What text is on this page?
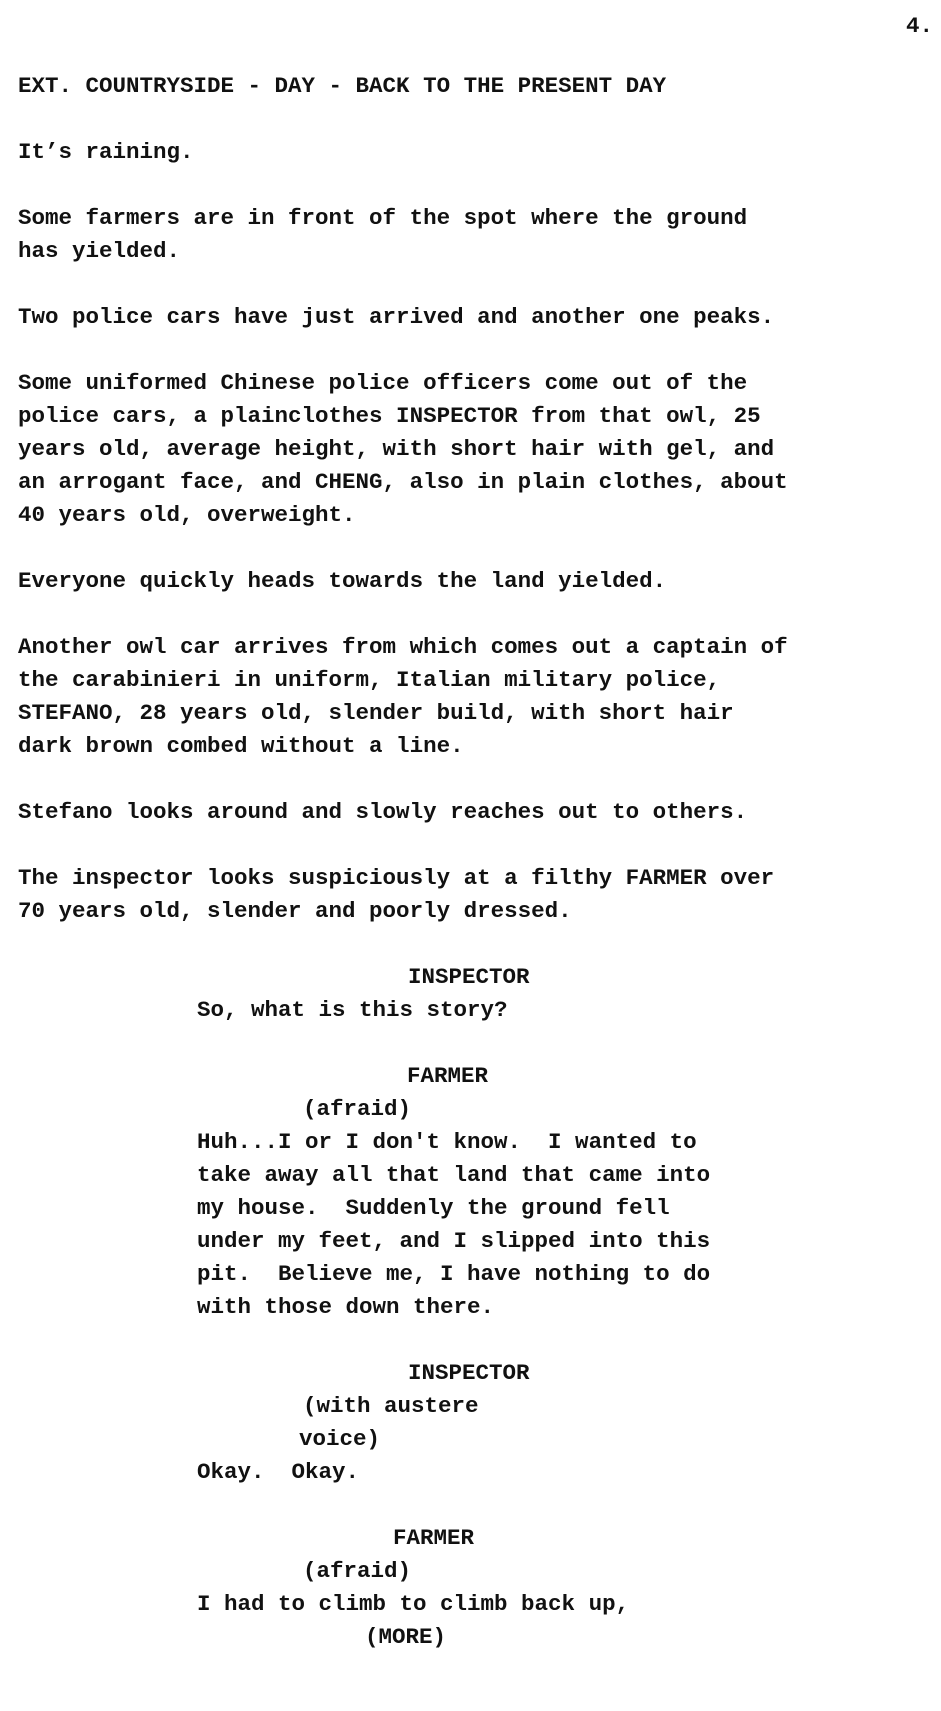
4.

EXT. COUNTRYSIDE - DAY - BACK TO THE PRESENT DAY

It’s raining.

Some farmers are in front of the spot where the ground

has yielded.

Two police cars have just arrived and another one peaks.

Some uniformed Chinese police officers come out of the

police cars, a plainclothes INSPECTOR from that owl, 25

years old, average height, with short hair with gel, and

an arrogant face, and CHENG, also in plain clothes, about

40 years old, overweight.

Everyone quickly heads towards the land yielded.

Another owl car arrives from which comes out a captain of

the carabinieri in uniform, Italian military police,

STEFANO, 28 years old, slender build, with short hair

dark brown combed without a line.

Stefano looks around and slowly reaches out to others.

The inspector looks suspiciously at a filthy FARMER over

70 years old, slender and poorly dressed.

INSPECTOR

So, what is this story?

FARMER

(afraid)

Huh...I or I don't know.  I wanted to

take away all that land that came into

my house.  Suddenly the ground fell

under my feet, and I slipped into this

pit.  Believe me, I have nothing to do

with those down there.

INSPECTOR

(with austere

voice)

Okay.  Okay.

FARMER

(afraid)

I had to climb to climb back up,

(MORE)
